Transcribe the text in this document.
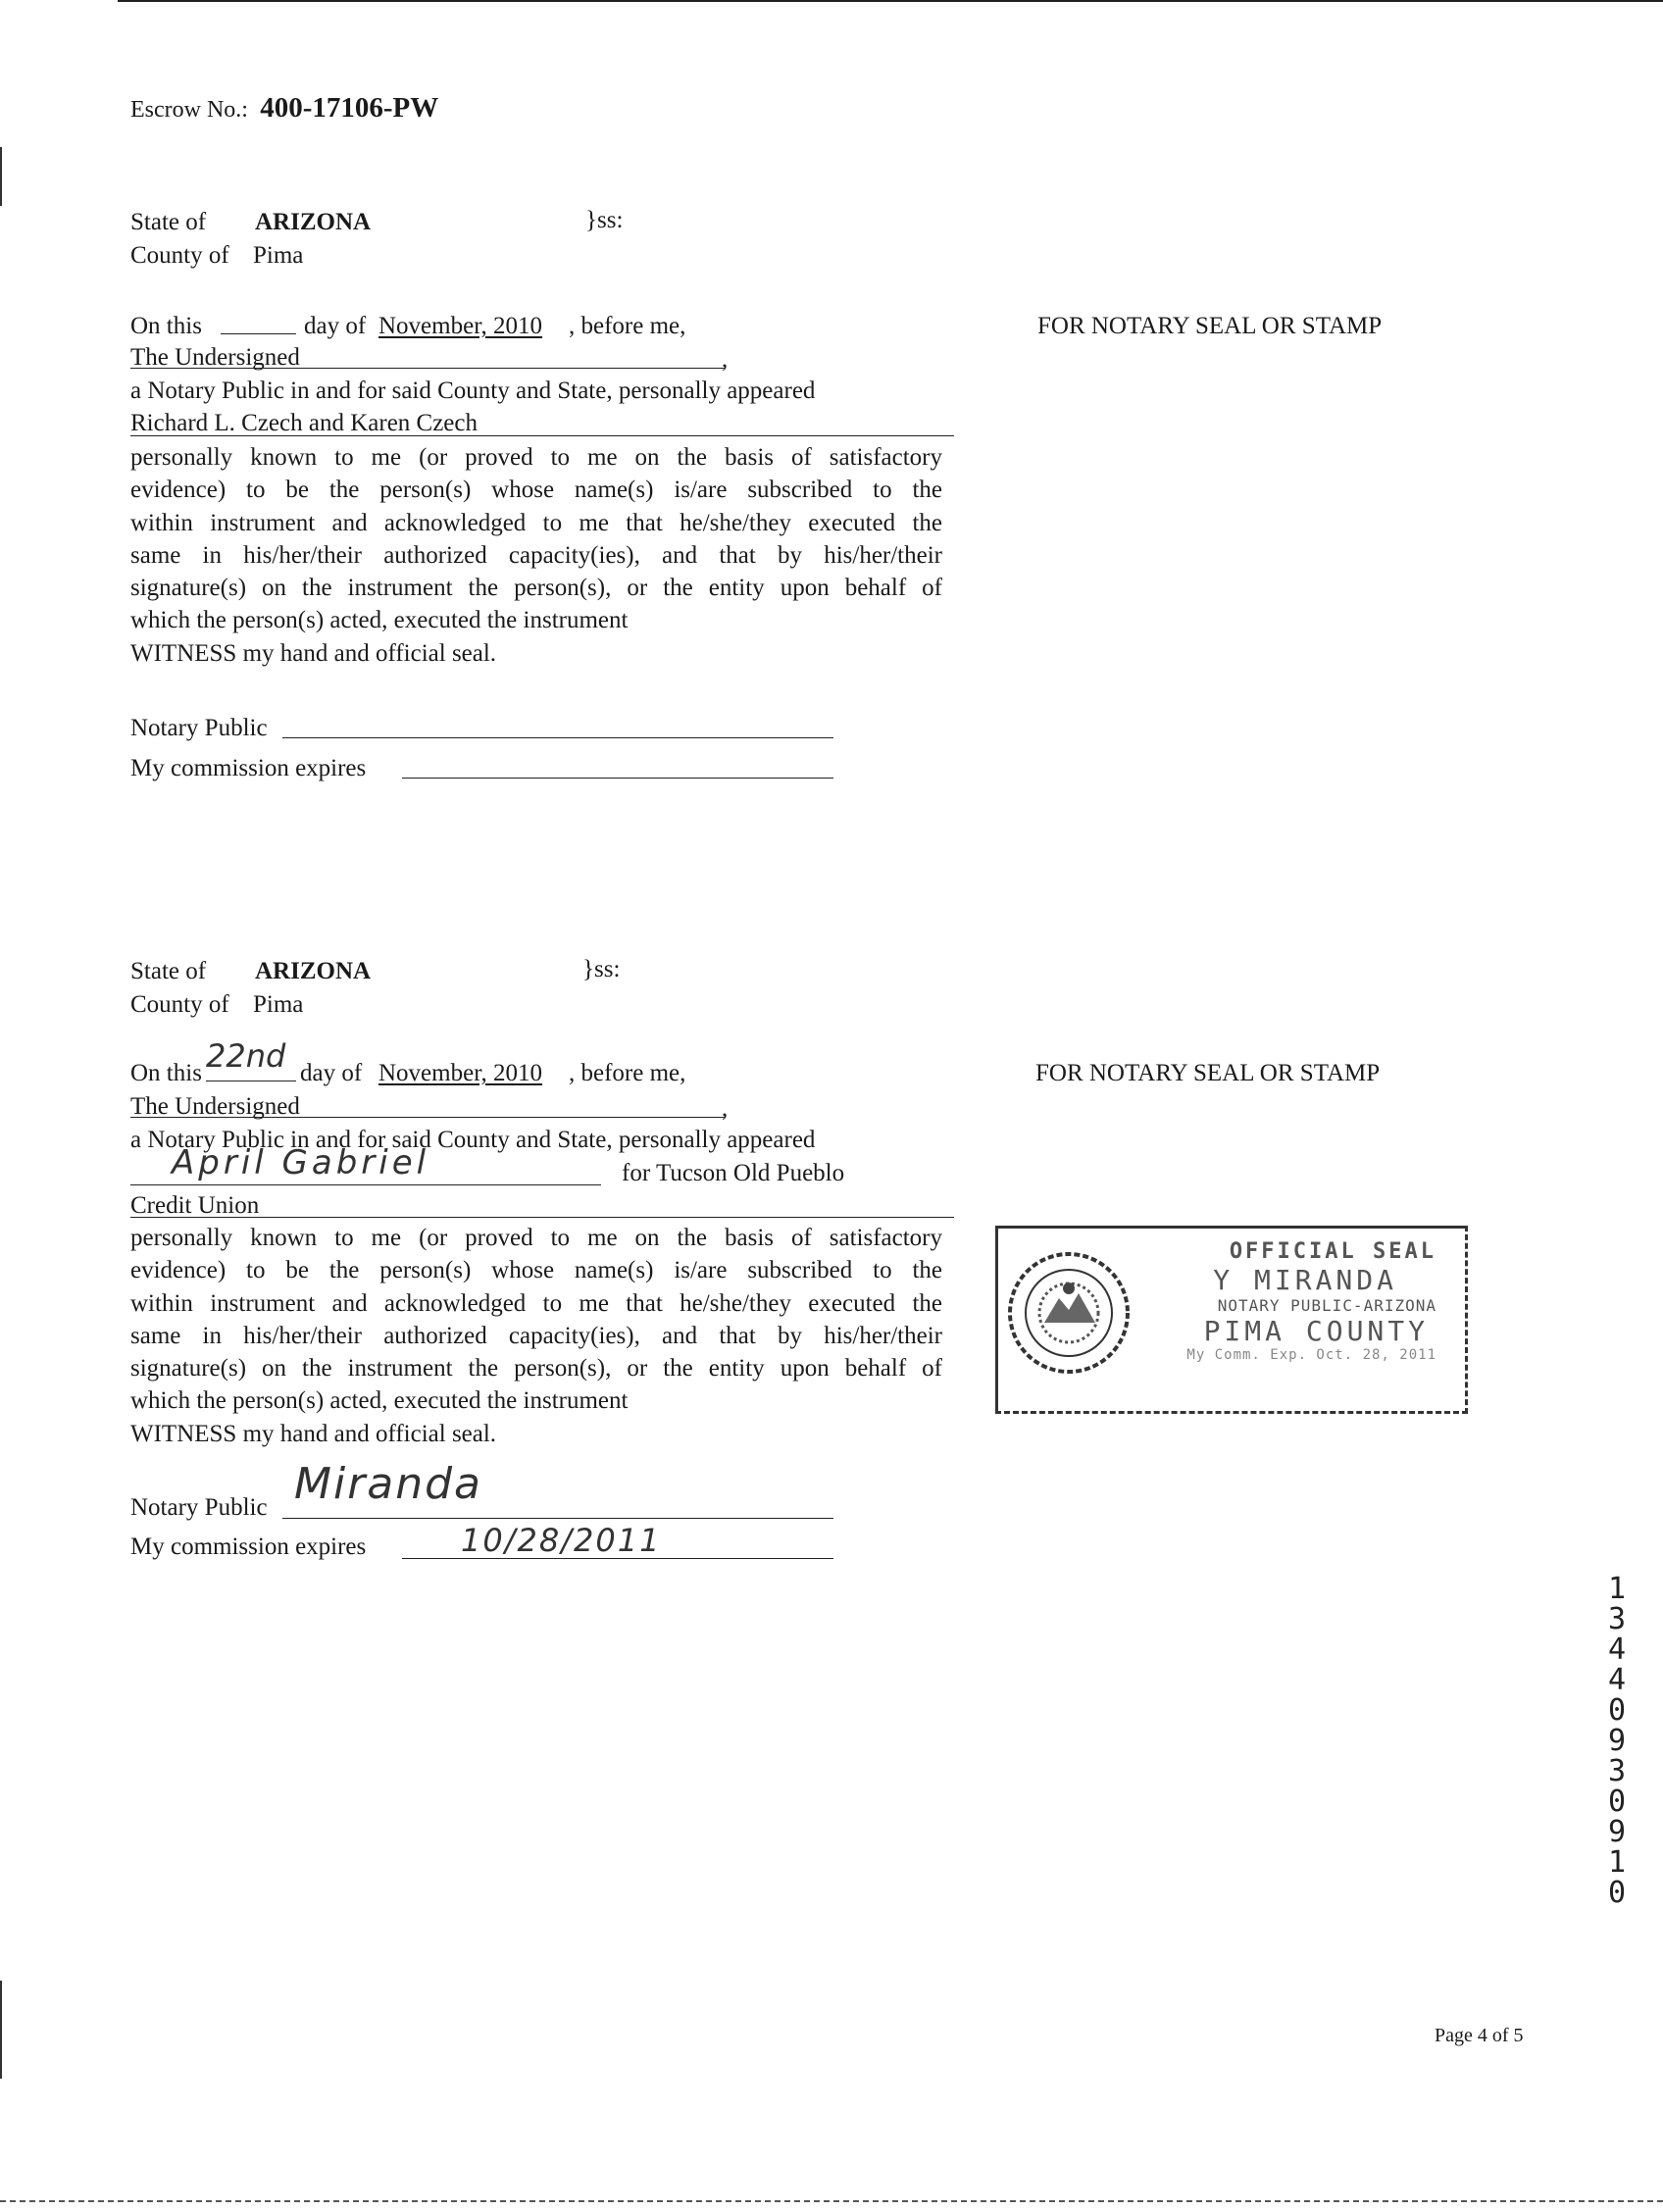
Escrow No.: 400-17106-PW
State of ARIZONA	}ss:
County of Pima
On this	day of November, 2010 , before me,
The Undersigned	,
a Notary Public in and for said County and State, personally appeared
Richard L. Czech and Karen Czech
personally known to me (or proved to me on the basis of satisfactory
evidence) to be the person(s) whose name(s) is/are subscribed to the
within instrument and acknowledged to me that he/she/they executed the
same in his/her/their authorized capacity(ies), and that by his/her/their
signature(s) on the instrument the person(s), or the entity upon behalf of
which the person(s) acted, executed the instrument
WITNESS my hand and official seal.
Notary Public
My commission expires
FOR NOTARY SEAL OR STAMP
State of ARIZONA	}ss:
County of Pima
On this 22nd day of November, 2010 , before me,
The Undersigned	,
a Notary Public in and for said County and State, personally appeared
April Gabriel	for Tucson Old Pueblo
Credit Union
personally known to me (or proved to me on the basis of satisfactory
evidence) to be the person(s) whose name(s) is/are subscribed to the
within instrument and acknowledged to me that he/she/they executed the
same in his/her/their authorized capacity(ies), and that by his/her/their
signature(s) on the instrument the person(s), or the entity upon behalf of
which the person(s) acted, executed the instrument
WITNESS my hand and official seal.
Notary Public Miranda
My commission expires	10/28/2011
FOR NOTARY SEAL OR STAMP
OFFICIAL SEAL
Y MIRANDA
NOTARY PUBLIC-ARIZONA
PIMA COUNTY
My Comm. Exp. Oct. 28, 2011
13440930910
Page 4 of 5
